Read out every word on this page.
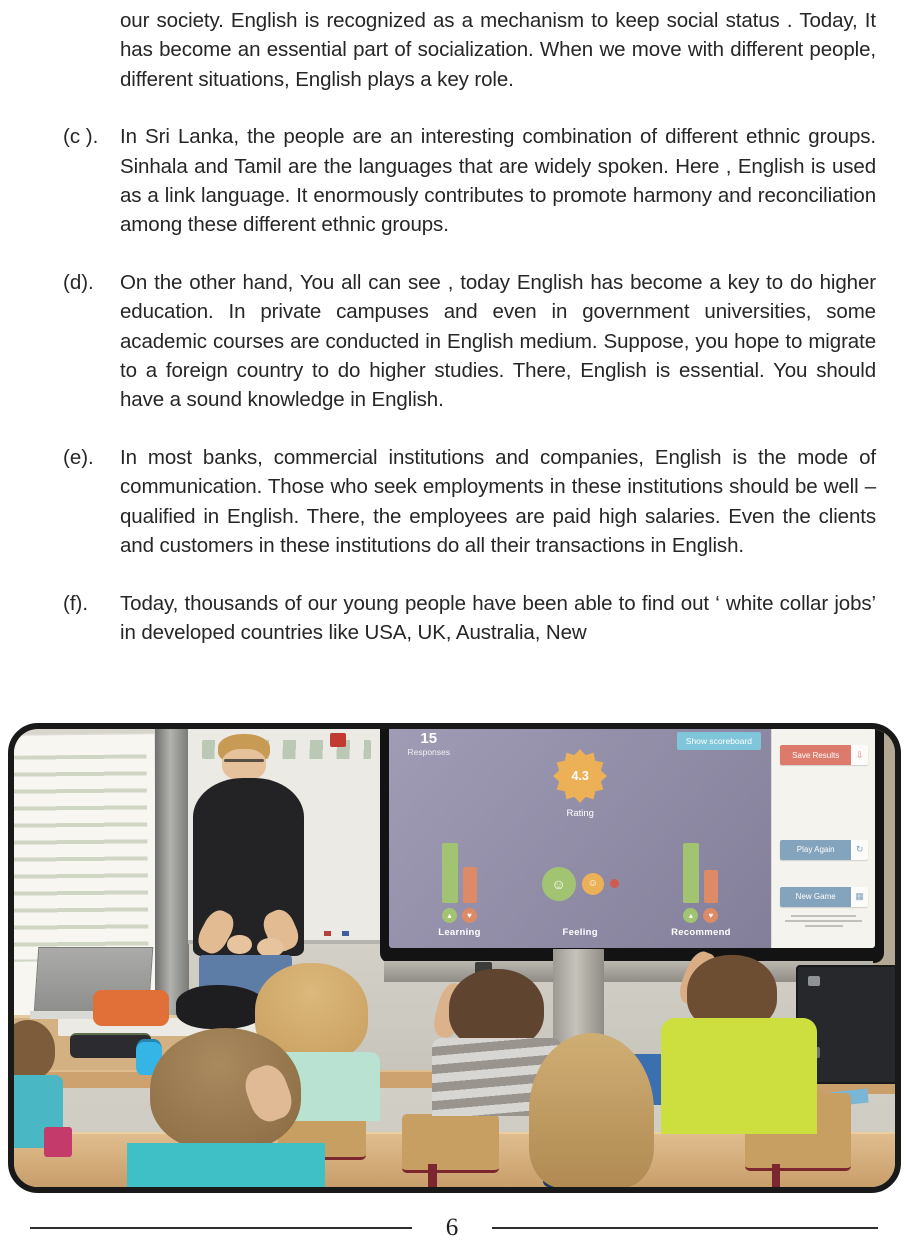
our society. English is recognized as a mechanism to keep social status . Today, It has become an essential part of socialization. When we move with different people, different situations, English plays a key role.
(c ).	In Sri Lanka, the people are an interesting combination of different ethnic groups. Sinhala and Tamil are the languages that are widely spoken. Here , English is used as a link language. It enormously contributes to promote harmony and reconciliation among these different ethnic groups.
(d).	On the other hand, You all can see , today English has become a key to do higher education. In private campuses and even in government universities, some academic courses are conducted in English medium. Suppose, you hope to migrate to a foreign country to do higher studies. There, English is essential. You should have a sound knowledge in English.
(e).	In most banks, commercial institutions and companies, English is the mode of communication. Those who seek employments in these institutions should be well – qualified in English. There, the employees are paid high salaries. Even the clients and customers in these institutions do all their transactions in English.
(f).	Today, thousands of our young people have been able to find out ‘ white collar jobs’ in developed countries like USA, UK, Australia, New
15
Responses
Show scoreboard
4.3
Rating
▴	♥
Learning
☺	☺
Feeling
▴	♥
Recommend
Save Results	⇩
Play Again	↻
New Game	▦
6
